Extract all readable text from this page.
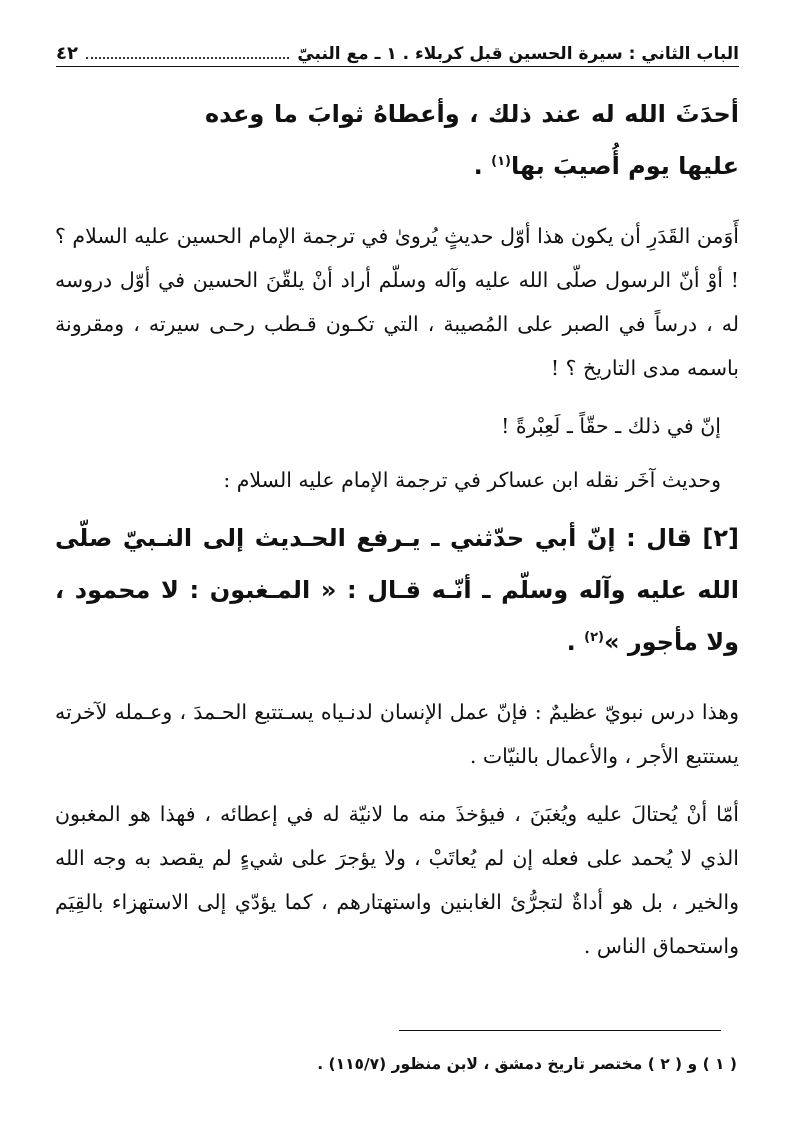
الباب الثاني : سيرة الحسين قبل كربلاء . ١ ـ مع النبيّ
٤٢

أحدَثَ الله له عند ذلك ، وأعطاهُ ثوابَ ما وعده عليها يوم أُصيبَ بها$^{(١)}$ .

أَوَمن القَدَرِ أن يكون هذا أوّل حديثٍ يُروىٰ في ترجمة الإمام الحسين عليه السلام ؟ ! أوْ أنّ الرسول صلّى الله عليه وآله وسلّم أراد أنْ يلقّنَ الحسين في أوّل دروسه له ، درساً في الصبر على المُصيبة ، التي تكـون قـطب رحـى سيرته ، ومقرونة باسمه مدى التاريخ ؟ !

إنّ في ذلك ـ حقّاً ـ لَعِبْرةً !

وحديث آخَر نقله ابن عساكر في ترجمة الإمام عليه السلام :

[٢] قال : إنّ أبي حدّثني ـ يـرفع الحـديث إلى النـبيّ صلّى الله عليه وآله وسلّم ـ أنّـه قـال : « المـغبون : لا محمود ، ولا مأجور »$^{(٢)}$ .

وهذا درس نبويّ عظيمٌ : فإنّ عمل الإنسان لدنـياه يسـتتبع الحـمدَ ، وعـمله لآخرته يستتبع الأجر ، والأعمال بالنيّات .

أمّا أنْ يُحتالَ عليه ويُغبَنَ ، فيؤخذَ منه ما لانيّة له في إعطائه ، فهذا هو المغبون الذي لا يُحمد على فعله إن لم يُعاتَبْ ، ولا يؤجرَ على شيءٍ لم يقصد به وجه الله والخير ، بل هو أداةٌ لتجرُّئ الغابنين واستهتارهم ، كما يؤدّي إلى الاستهزاء بالقِيَم واستحماق الناس .

( ١ ) و ( ٢ ) مختصر تاريخ دمشق ، لابن منظور (١١٥/٧) .
